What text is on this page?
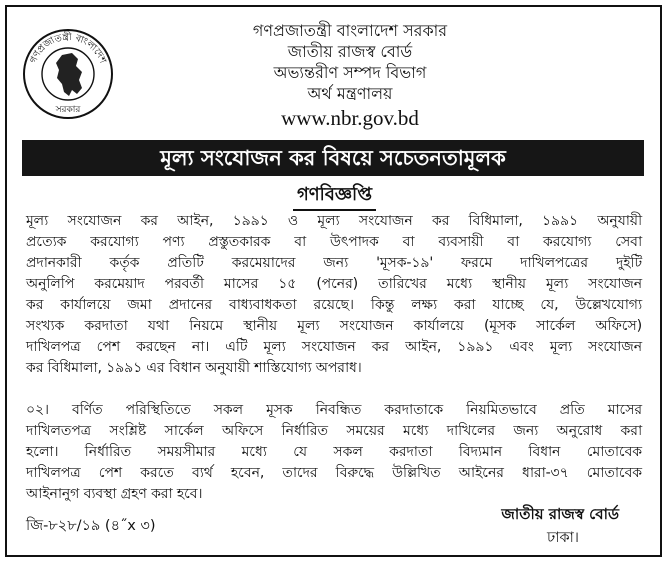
গণপ্রজাতন্ত্রী বাংলাদেশ
সরকার
গণপ্রজাতন্ত্রী বাংলাদেশ সরকার
জাতীয় রাজস্ব বোর্ড
অভ্যন্তরীণ সম্পদ বিভাগ
অর্থ মন্ত্রণালয়
www.nbr.gov.bd
মূল্য সংযোজন কর বিষয়ে সচেতনতামূলক
গণবিজ্ঞপ্তি
মূল্য সংযোজন কর আইন, ১৯৯১ ও মূল্য সংযোজন কর বিধিমালা, ১৯৯১ অনুযায়ী
প্রত্যেক করযোগ্য পণ্য প্রস্তুতকারক বা উৎপাদক বা ব্যবসায়ী বা করযোগ্য সেবা
প্রদানকারী কর্তৃক প্রতিটি করমেয়াদের জন্য 'মূসক-১৯' ফরমে দাখিলপত্রের দুইটি
অনুলিপি করমেয়াদ পরবর্তী মাসের ১৫ (পনের) তারিখের মধ্যে স্থানীয় মূল্য সংযোজন
কর কার্যালয়ে জমা প্রদানের বাধ্যবাধকতা রয়েছে। কিন্তু লক্ষ্য করা যাচ্ছে যে, উল্লেখযোগ্য
সংখ্যক করদাতা যথা নিয়মে স্থানীয় মূল্য সংযোজন কার্যালয়ে (মূসক সার্কেল অফিসে)
দাখিলপত্র পেশ করছেন না। এটি মূল্য সংযোজন কর আইন, ১৯৯১ এবং মূল্য সংযোজন
কর বিধিমালা, ১৯৯১ এর বিধান অনুযায়ী শাস্তিযোগ্য অপরাধ।
০২। বর্ণিত পরিস্থিতিতে সকল মূসক নিবন্ধিত করদাতাকে নিয়মিতভাবে প্রতি মাসের
দাখিলতপত্র সংশ্লিষ্ট সার্কেল অফিসে নির্ধারিত সময়ের মধ্যে দাখিলের জন্য অনুরোধ করা
হলো। নির্ধারিত সময়সীমার মধ্যে যে সকল করদাতা বিদ্যমান বিধান মোতাবেক
দাখিলপত্র পেশ করতে ব্যর্থ হবেন, তাদের বিরুদ্ধে উল্লিখিত আইনের ধারা-৩৭ মোতাবেক
আইনানুগ ব্যবস্থা গ্রহণ করা হবে।
জাতীয় রাজস্ব বোর্ড
ঢাকা।
জি-৮২৮/১৯ (৪˝x ৩)
